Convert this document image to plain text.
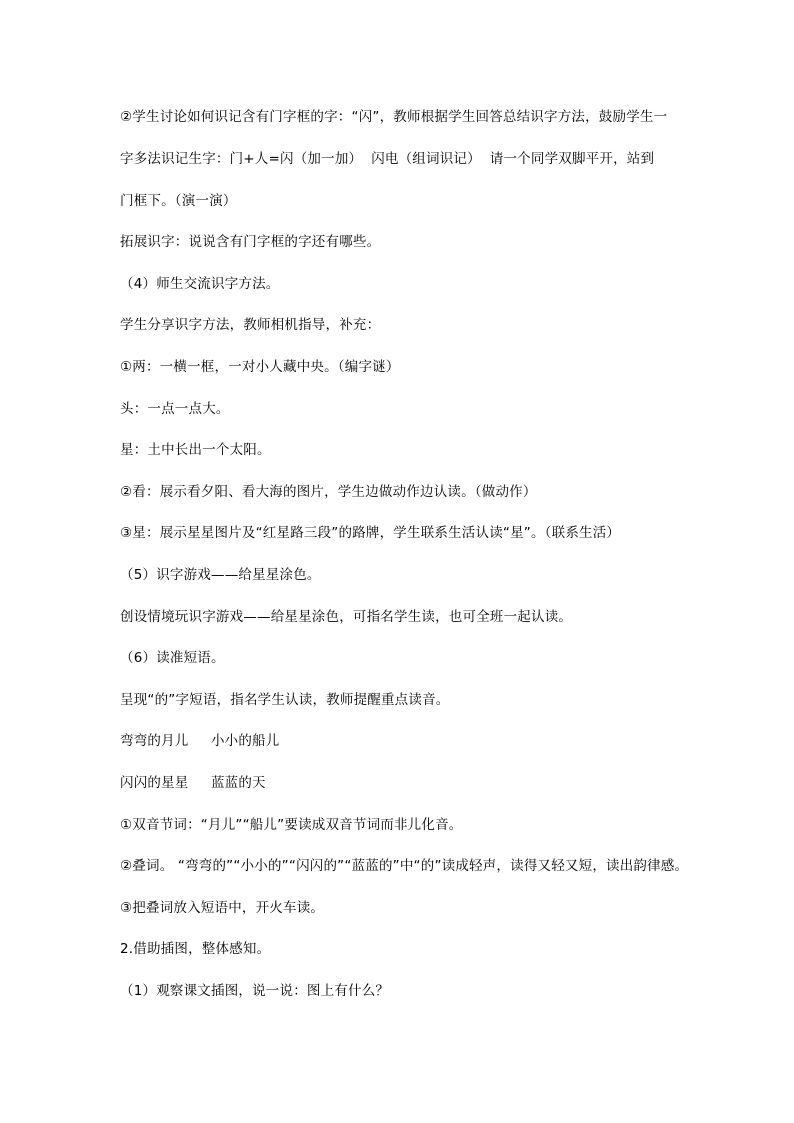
②学生讨论如何识记含有门字框的字：“闪”，教师根据学生回答总结识字方法，鼓励学生一
字多法识记生字：门+人=闪（加一加）  闪电（组词识记）  请一个同学双脚平开，站到
门框下。（演一演）
拓展识字：说说含有门字框的字还有哪些。
（4）师生交流识字方法。
学生分享识字方法，教师相机指导，补充：
①两：一横一框，一对小人藏中央。（编字谜）
头：一点一点大。
星：土中长出一个太阳。
②看：展示看夕阳、看大海的图片，学生边做动作边认读。（做动作）
③星：展示星星图片及“红星路三段”的路牌，学生联系生活认读“星”。（联系生活）
（5）识字游戏——给星星涂色。
创设情境玩识字游戏——给星星涂色，可指名学生读，也可全班一起认读。
（6）读准短语。
呈现“的”字短语，指名学生认读，教师提醒重点读音。
弯弯的月儿     小小的船儿
闪闪的星星     蓝蓝的天
①双音节词：“月儿”“船儿”要读成双音节词而非儿化音。
②叠词。 “弯弯的”“小小的”“闪闪的”“蓝蓝的”中“的”读成轻声，读得又轻又短，读出韵律感。
③把叠词放入短语中，开火车读。
2.借助插图，整体感知。
（1）观察课文插图，说一说：图上有什么？
